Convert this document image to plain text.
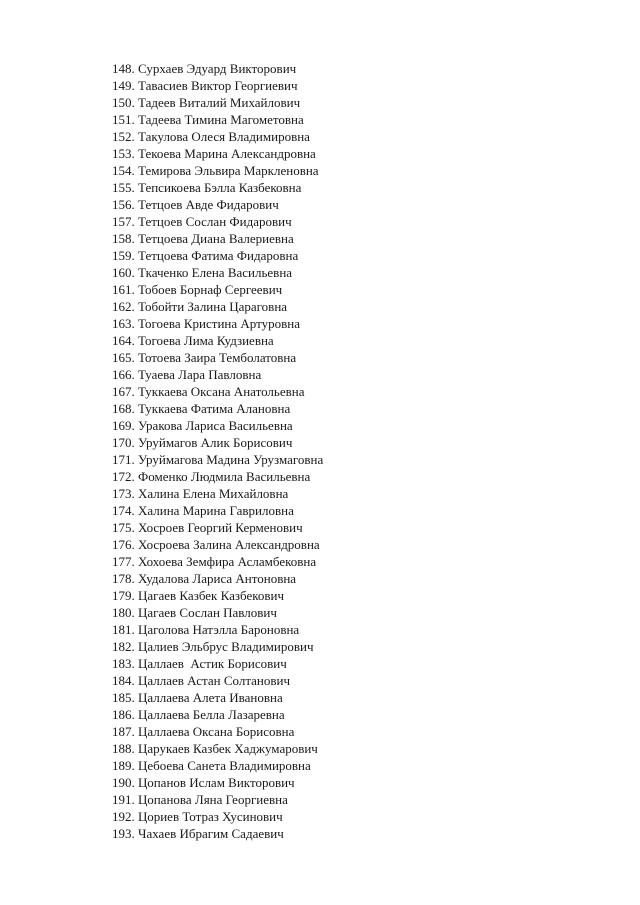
148. Сурхаев Эдуард Викторович
149. Тавасиев Виктор Георгиевич
150. Тадеев Виталий Михайлович
151. Тадеева Тимина Магометовна
152. Такулова Олеся Владимировна
153. Текоева Марина Александровна
154. Темирова Эльвира Маркленовна
155. Тепсикоева Бэлла Казбековна
156. Тетцоев Авде Фидарович
157. Тетцоев Сослан Фидарович
158. Тетцоева Диана Валериевна
159. Тетцоева Фатима Фидаровна
160. Ткаченко Елена Васильевна
161. Тобоев Борнаф Сергеевич
162. Тобойти Залина Цараговна
163. Тогоева Кристина Артуровна
164. Тогоева Лима Кудзиевна
165. Тотоева Заира Темболатовна
166. Туаева Лара Павловна
167. Туккаева Оксана Анатольевна
168. Туккаева Фатима Алановна
169. Уракова Лариса Васильевна
170. Уруймагов Алик Борисович
171. Уруймагова Мадина Урузмаговна
172. Фоменко Людмила Васильевна
173. Халина Елена Михайловна
174. Халина Марина Гавриловна
175. Хосроев Георгий Керменович
176. Хосроева Залина Александровна
177. Хохоева Земфира Асламбековна
178. Худалова Лариса Антоновна
179. Цагаев Казбек Казбекович
180. Цагаев Сослан Павлович
181. Цаголова Натэлла Бароновна
182. Цалиев Эльбрус Владимирович
183. Цаллаев  Астик Борисович
184. Цаллаев Астан Солтанович
185. Цаллаева Алета Ивановна
186. Цаллаева Белла Лазаревна
187. Цаллаева Оксана Борисовна
188. Царукаев Казбек Хаджумарович
189. Цебоева Санета Владимировна
190. Цопанов Ислам Викторович
191. Цопанова Ляна Георгиевна
192. Цориев Тотраз Хусинович
193. Чахаев Ибрагим Садаевич
